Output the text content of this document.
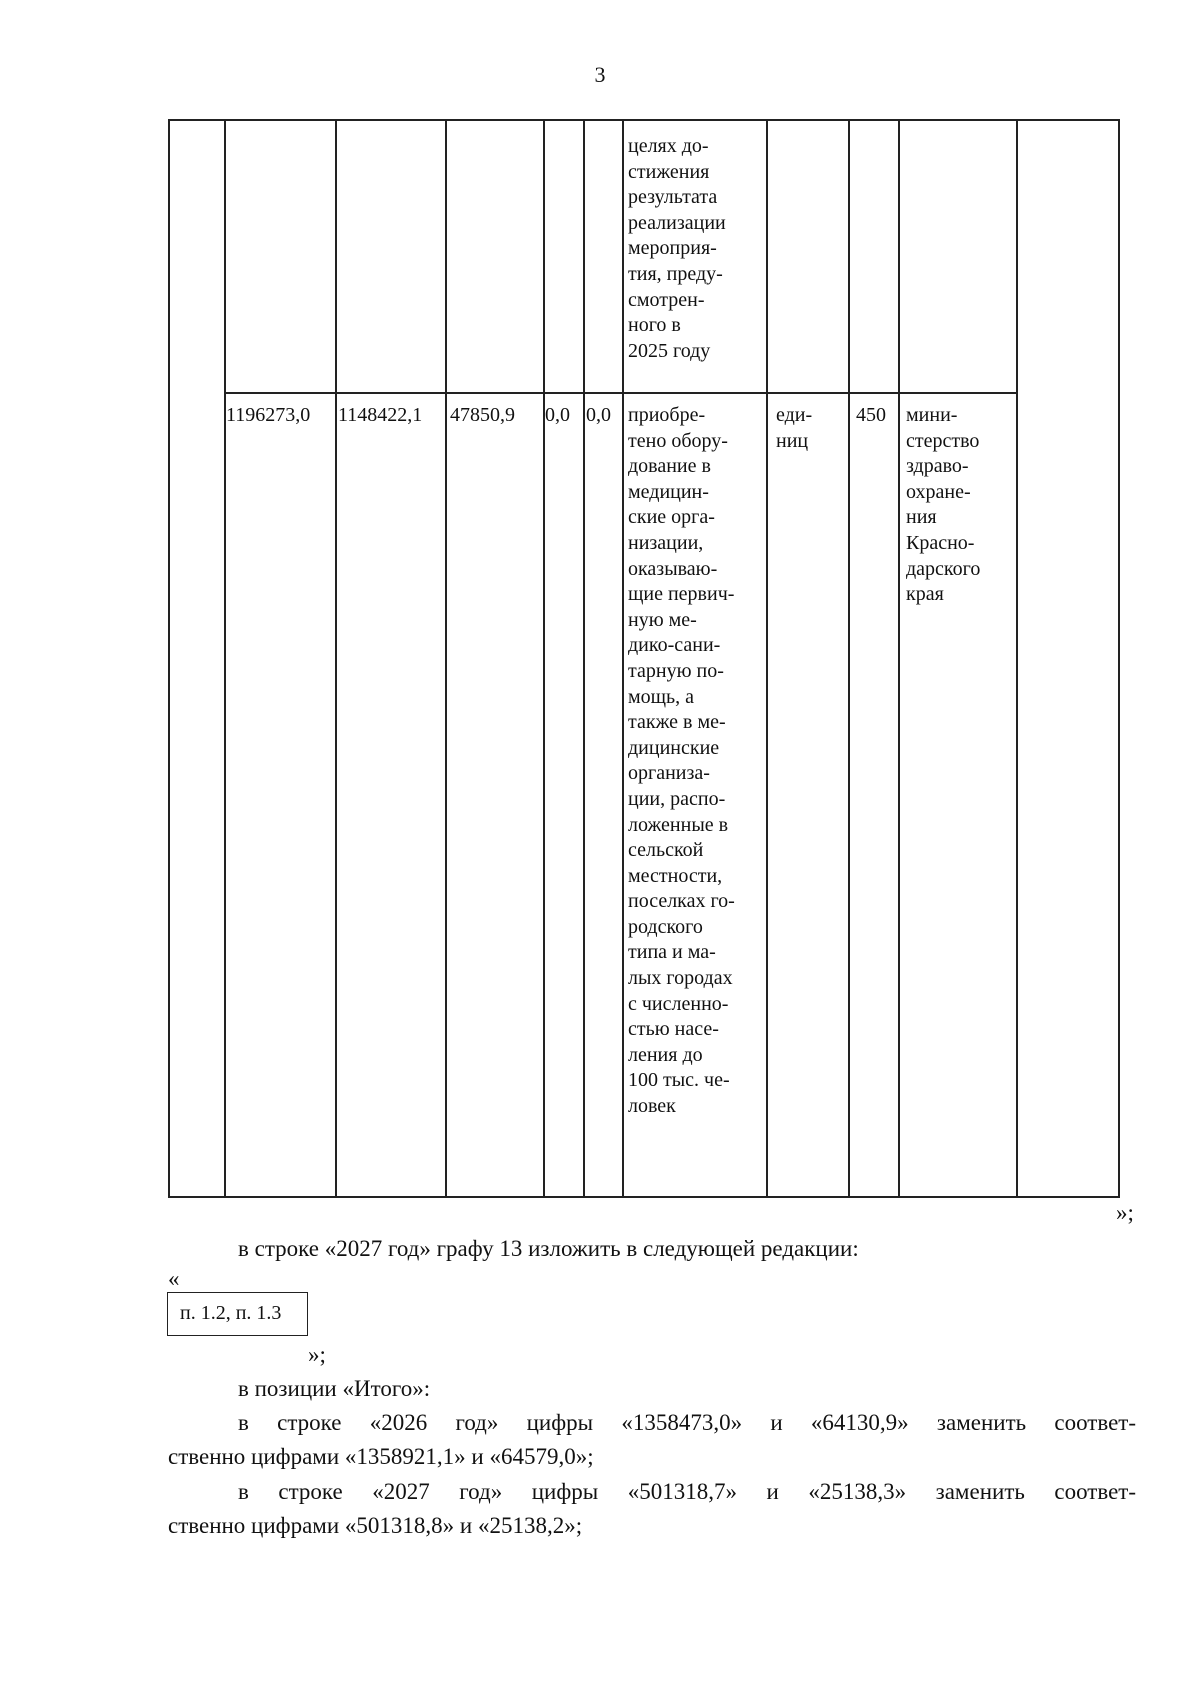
3
целях до-
стижения
результата
реализации
мероприя-
тия, преду-
смотрен-
ного в
2025 году
1196273,0 1148422,1 47850,9 0,0 0,0 приобре-
тено обору-
дование в
медицин-
ские орга-
низации,
оказываю-
щие первич-
ную ме-
дико-сани-
тарную по-
мощь, а
также в ме-
дицинские
организа-
ции, распо-
ложенные в
сельской
местности,
поселках го-
родского
типа и ма-
лых городах
с численно-
стью насе-
ления до
100 тыс. че-
ловек
еди-
ниц
450 мини-
стерство
здраво-
охране-
ния
Красно-
дарского
края
»;
в строке «2027 год» графу 13 изложить в следующей редакции:
«
п. 1.2, п. 1.3
»;
в позиции «Итого»:
в строке «2026 год» цифры «1358473,0» и «64130,9» заменить соответ-
ственно цифрами «1358921,1» и «64579,0»;
в строке «2027 год» цифры «501318,7» и «25138,3» заменить соответ-
ственно цифрами «501318,8» и «25138,2»;
